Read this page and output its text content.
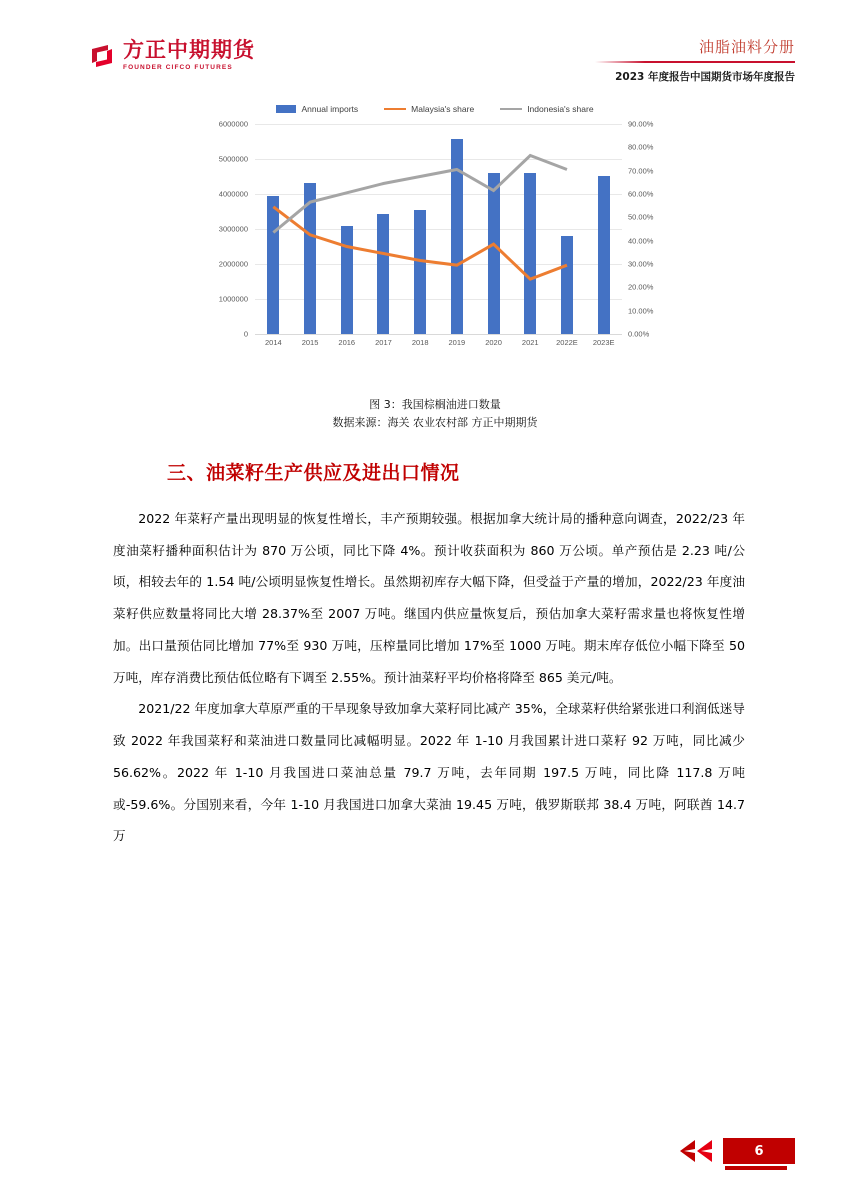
方正中期期货
FOUNDER CIFCO FUTURES
油脂油料分册
2023 年度报告中国期货市场年度报告
Annual imports	Malaysia's share	Indonesia's share
0
1000000
2000000
3000000
4000000
5000000
6000000
0.00%
10.00%
20.00%
30.00%
40.00%
50.00%
60.00%
70.00%
80.00%
90.00%
2014	2015	2016	2017	2018	2019	2020	2021	2022E	2023E
图 3：我国棕榈油进口数量
数据来源：海关 农业农村部 方正中期期货
三、油菜籽生产供应及进出口情况

2022 年菜籽产量出现明显的恢复性增长，丰产预期较强。根据加拿大统计局的播种意向调查，2022/23 年度油菜籽播种面积估计为 870 万公顷，同比下降 4%。预计收获面积为 860 万公顷。单产预估是 2.23 吨/公顷，相较去年的 1.54 吨/公顷明显恢复性增长。虽然期初库存大幅下降，但受益于产量的增加，2022/23 年度油菜籽供应数量将同比大增 28.37%至 2007 万吨。继国内供应量恢复后，预估加拿大菜籽需求量也将恢复性增加。出口量预估同比增加 77%至 930 万吨，压榨量同比增加 17%至 1000 万吨。期末库存低位小幅下降至 50 万吨，库存消费比预估低位略有下调至 2.55%。预计油菜籽平均价格将降至 865 美元/吨。

2021/22 年度加拿大草原严重的干旱现象导致加拿大菜籽同比减产 35%，全球菜籽供给紧张进口利润低迷导致 2022 年我国菜籽和菜油进口数量同比减幅明显。2022 年 1-10 月我国累计进口菜籽 92 万吨，同比减少 56.62%。2022 年 1-10 月我国进口菜油总量 79.7 万吨，去年同期 197.5 万吨，同比降 117.8 万吨或-59.6%。分国别来看，今年 1-10 月我国进口加拿大菜油 19.45 万吨，俄罗斯联邦 38.4 万吨，阿联酋 14.7 万

6
